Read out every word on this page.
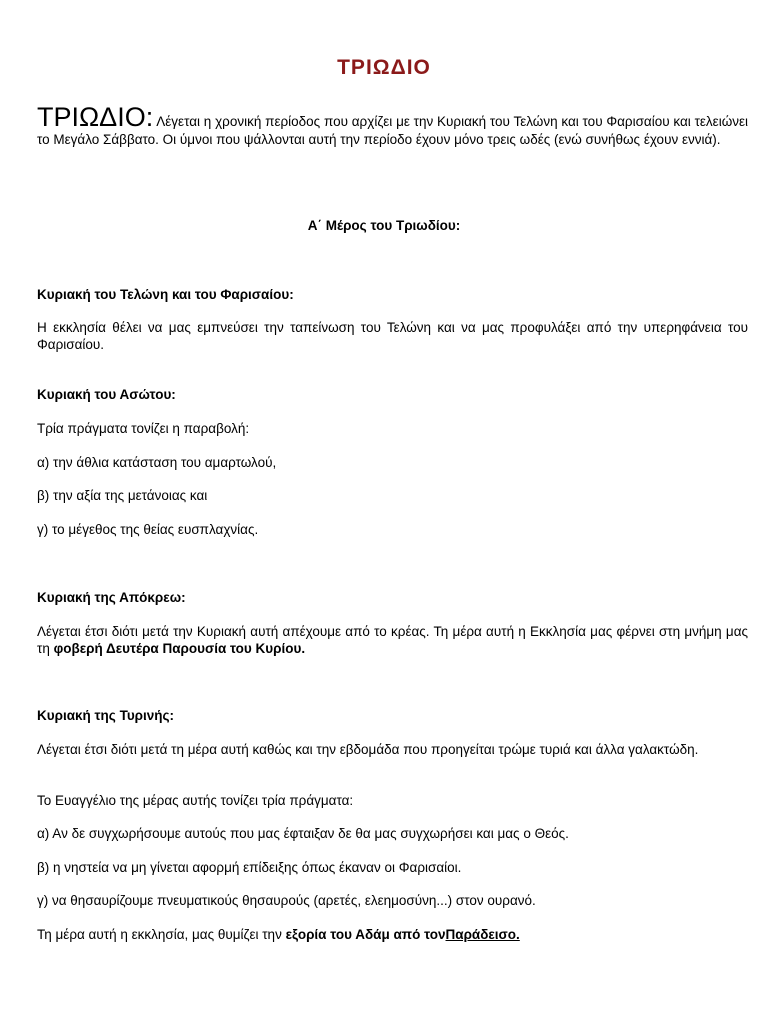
ΤΡΙΩΔΙΟ
ΤΡΙΩΔΙΟ: Λέγεται η χρονική περίοδος που αρχίζει με την Κυριακή του Τελώνη και του Φαρισαίου και τελειώνει το Μεγάλο Σάββατο. Οι ύμνοι που ψάλλονται αυτή την περίοδο έχουν μόνο τρεις ωδές (ενώ συνήθως έχουν εννιά).
Α΄ Μέρος του Τριωδίου:
Κυριακή του Τελώνη και του Φαρισαίου:
Η εκκλησία θέλει να μας εμπνεύσει την ταπείνωση του Τελώνη και να μας προφυλάξει από την υπερηφάνεια του Φαρισαίου.
Κυριακή του Ασώτου:
Τρία πράγματα τονίζει η παραβολή:
α) την άθλια κατάσταση του αμαρτωλού,
β) την αξία της μετάνοιας και
γ) το μέγεθος της θείας ευσπλαχνίας.
Κυριακή της Απόκρεω:
Λέγεται έτσι διότι μετά την Κυριακή αυτή απέχουμε από το κρέας. Τη μέρα αυτή η Εκκλησία μας φέρνει στη μνήμη μας τη φοβερή Δευτέρα Παρουσία του Κυρίου.
Κυριακή της Τυρινής:
Λέγεται έτσι διότι μετά τη μέρα αυτή καθώς και την εβδομάδα που προηγείται τρώμε τυριά και άλλα γαλακτώδη.
Το Ευαγγέλιο της μέρας αυτής τονίζει τρία πράγματα:
α) Αν δε συγχωρήσουμε αυτούς που μας έφταιξαν δε θα μας συγχωρήσει και μας ο Θεός.
β) η νηστεία να μη γίνεται αφορμή επίδειξης όπως έκαναν οι Φαρισαίοι.
γ) να θησαυρίζουμε πνευματικούς θησαυρούς (αρετές, ελεημοσύνη...) στον ουρανό.
Τη μέρα αυτή η εκκλησία, μας θυμίζει την εξορία του Αδάμ από τονΠαράδεισο.
